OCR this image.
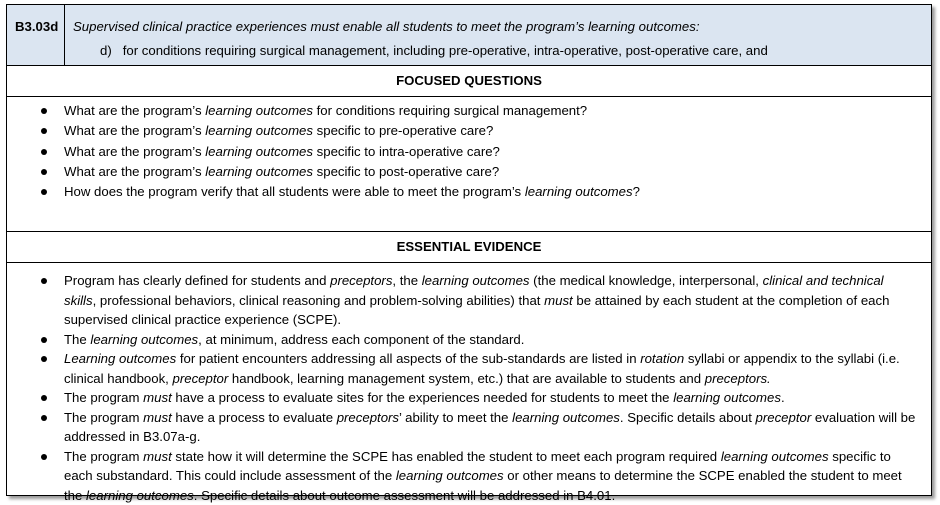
B3.03d	Supervised clinical practice experiences must enable all students to meet the program’s learning outcomes:
d)   for conditions requiring surgical management, including pre-operative, intra-operative, post-operative care, and
FOCUSED QUESTIONS
What are the program’s learning outcomes for conditions requiring surgical management?
What are the program’s learning outcomes specific to pre-operative care?
What are the program’s learning outcomes specific to intra-operative care?
What are the program’s learning outcomes specific to post-operative care?
How does the program verify that all students were able to meet the program’s learning outcomes?
ESSENTIAL EVIDENCE
Program has clearly defined for students and preceptors, the learning outcomes (the medical knowledge, interpersonal, clinical and technical skills, professional behaviors, clinical reasoning and problem-solving abilities) that must be attained by each student at the completion of each supervised clinical practice experience (SCPE).
The learning outcomes, at minimum, address each component of the standard.
Learning outcomes for patient encounters addressing all aspects of the sub-standards are listed in rotation syllabi or appendix to the syllabi (i.e. clinical handbook, preceptor handbook, learning management system, etc.) that are available to students and preceptors.
The program must have a process to evaluate sites for the experiences needed for students to meet the learning outcomes.
The program must have a process to evaluate preceptors’ ability to meet the learning outcomes. Specific details about preceptor evaluation will be addressed in B3.07a-g.
The program must state how it will determine the SCPE has enabled the student to meet each program required learning outcomes specific to each substandard. This could include assessment of the learning outcomes or other means to determine the SCPE enabled the student to meet the learning outcomes. Specific details about outcome assessment will be addressed in B4.01.
